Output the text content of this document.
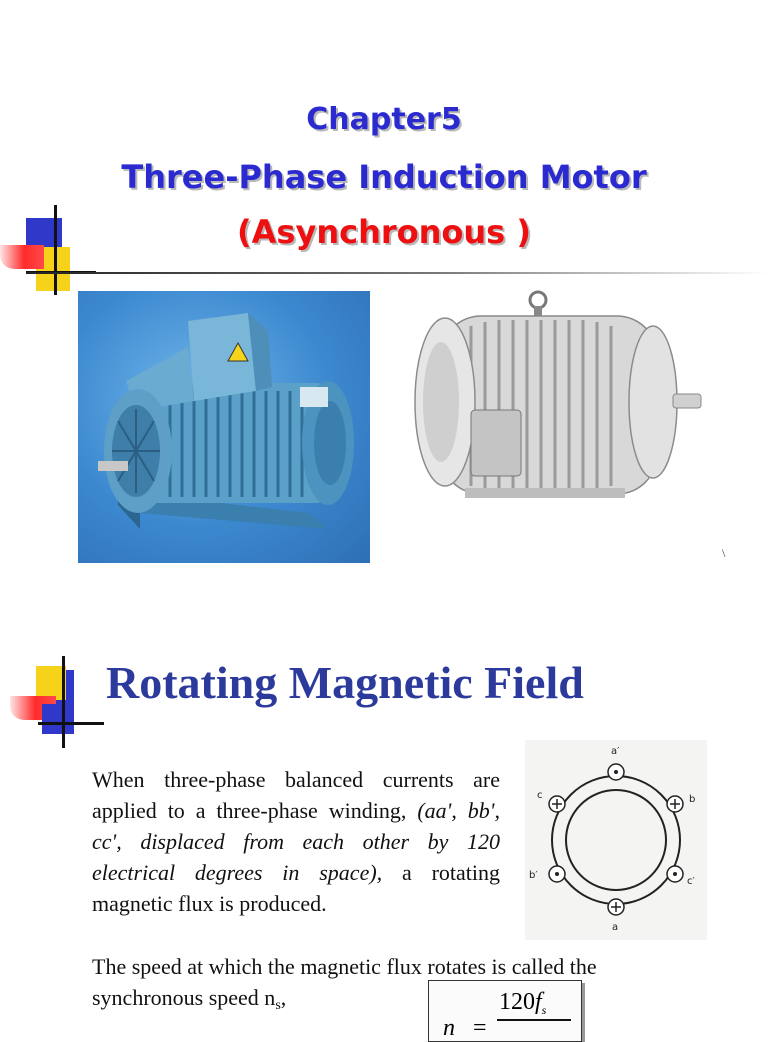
Chapter5
Three-Phase Induction Motor
(Asynchronous )
\
Rotating Magnetic Field
When three-phase balanced currents are applied to a three-phase winding, (aa', bb', cc', displaced from each other by 120 electrical degrees in space), a rotating magnetic flux is produced.
a′
c	b
b′
c′
a
The speed at which the magnetic flux rotates is called the synchronous speed $n_s$,
n =
$120f_s$
